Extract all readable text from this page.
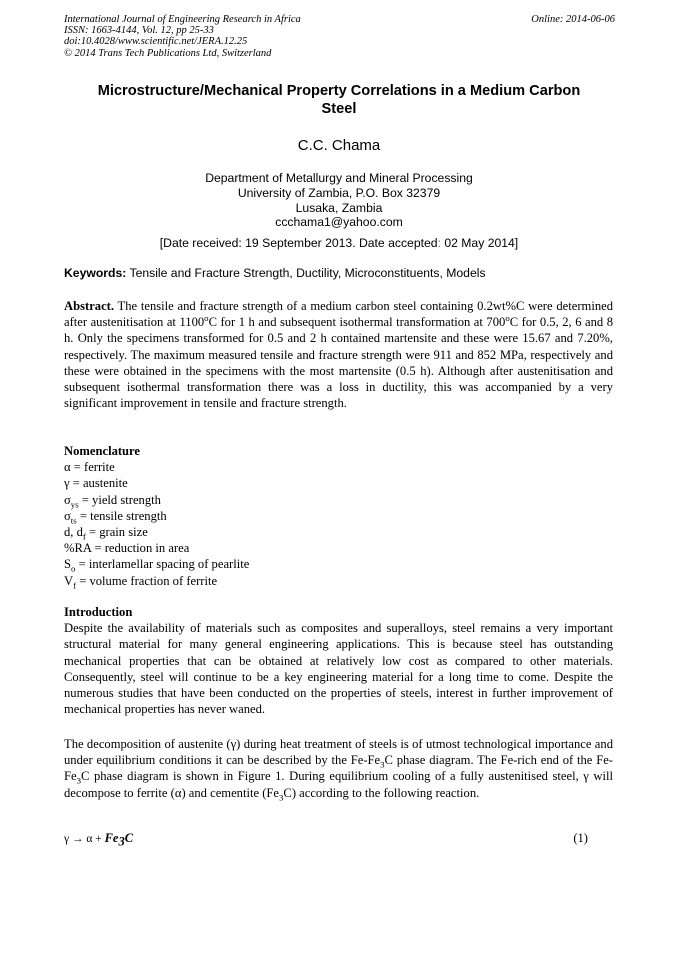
International Journal of Engineering Research in Africa
ISSN: 1663-4144, Vol. 12, pp 25-33
doi:10.4028/www.scientific.net/JERA.12.25
© 2014 Trans Tech Publications Ltd, Switzerland
Online: 2014-06-06
Microstructure/Mechanical Property Correlations in a Medium Carbon
Steel
C.C. Chama
Department of Metallurgy and Mineral Processing
University of Zambia, P.O. Box 32379
Lusaka, Zambia
ccchama1@yahoo.com
[Date received: 19 September 2013. Date accepted: 02 May 2014]
Keywords: Tensile and Fracture Strength, Ductility, Microconstituents, Models
Abstract. The tensile and fracture strength of a medium carbon steel containing 0.2wt%C were determined after austenitisation at 1100$^o$C for 1 h and subsequent isothermal transformation at 700$^o$C for 0.5, 2, 6 and 8 h. Only the specimens transformed for 0.5 and 2 h contained martensite and these were 15.67 and 7.20%, respectively. The maximum measured tensile and fracture strength were 911 and 852 MPa, respectively and these were obtained in the specimens with the most martensite (0.5 h). Although after austenitisation and subsequent isothermal transformation there was a loss in ductility, this was accompanied by a very significant improvement in tensile and fracture strength.
Nomenclature
α = ferrite
γ = austenite
$\sigma_{ys}$ = yield strength
$\sigma_{ts}$ = tensile strength
d, $d_f$ = grain size
%RA = reduction in area
$S_o$ = interlamellar spacing of pearlite
$V_f$ = volume fraction of ferrite
Introduction
Despite the availability of materials such as composites and superalloys, steel remains a very important structural material for many general engineering applications. This is because steel has outstanding mechanical properties that can be obtained at relatively low cost as compared to other materials. Consequently, steel will continue to be a key engineering material for a long time to come. Despite the numerous studies that have been conducted on the properties of steels, interest in further improvement of mechanical properties has never waned.
The decomposition of austenite (γ) during heat treatment of steels is of utmost technological importance and under equilibrium conditions it can be described by the $Fe-Fe_3C$ phase diagram. The Fe-rich end of the $Fe-Fe_3C$ phase diagram is shown in Figure 1. During equilibrium cooling of a fully austenitised steel, γ will decompose to ferrite (α) and cementite $(Fe_3C)$ according to the following reaction.
$\gamma \to \alpha + Fe_3C$	(1)
